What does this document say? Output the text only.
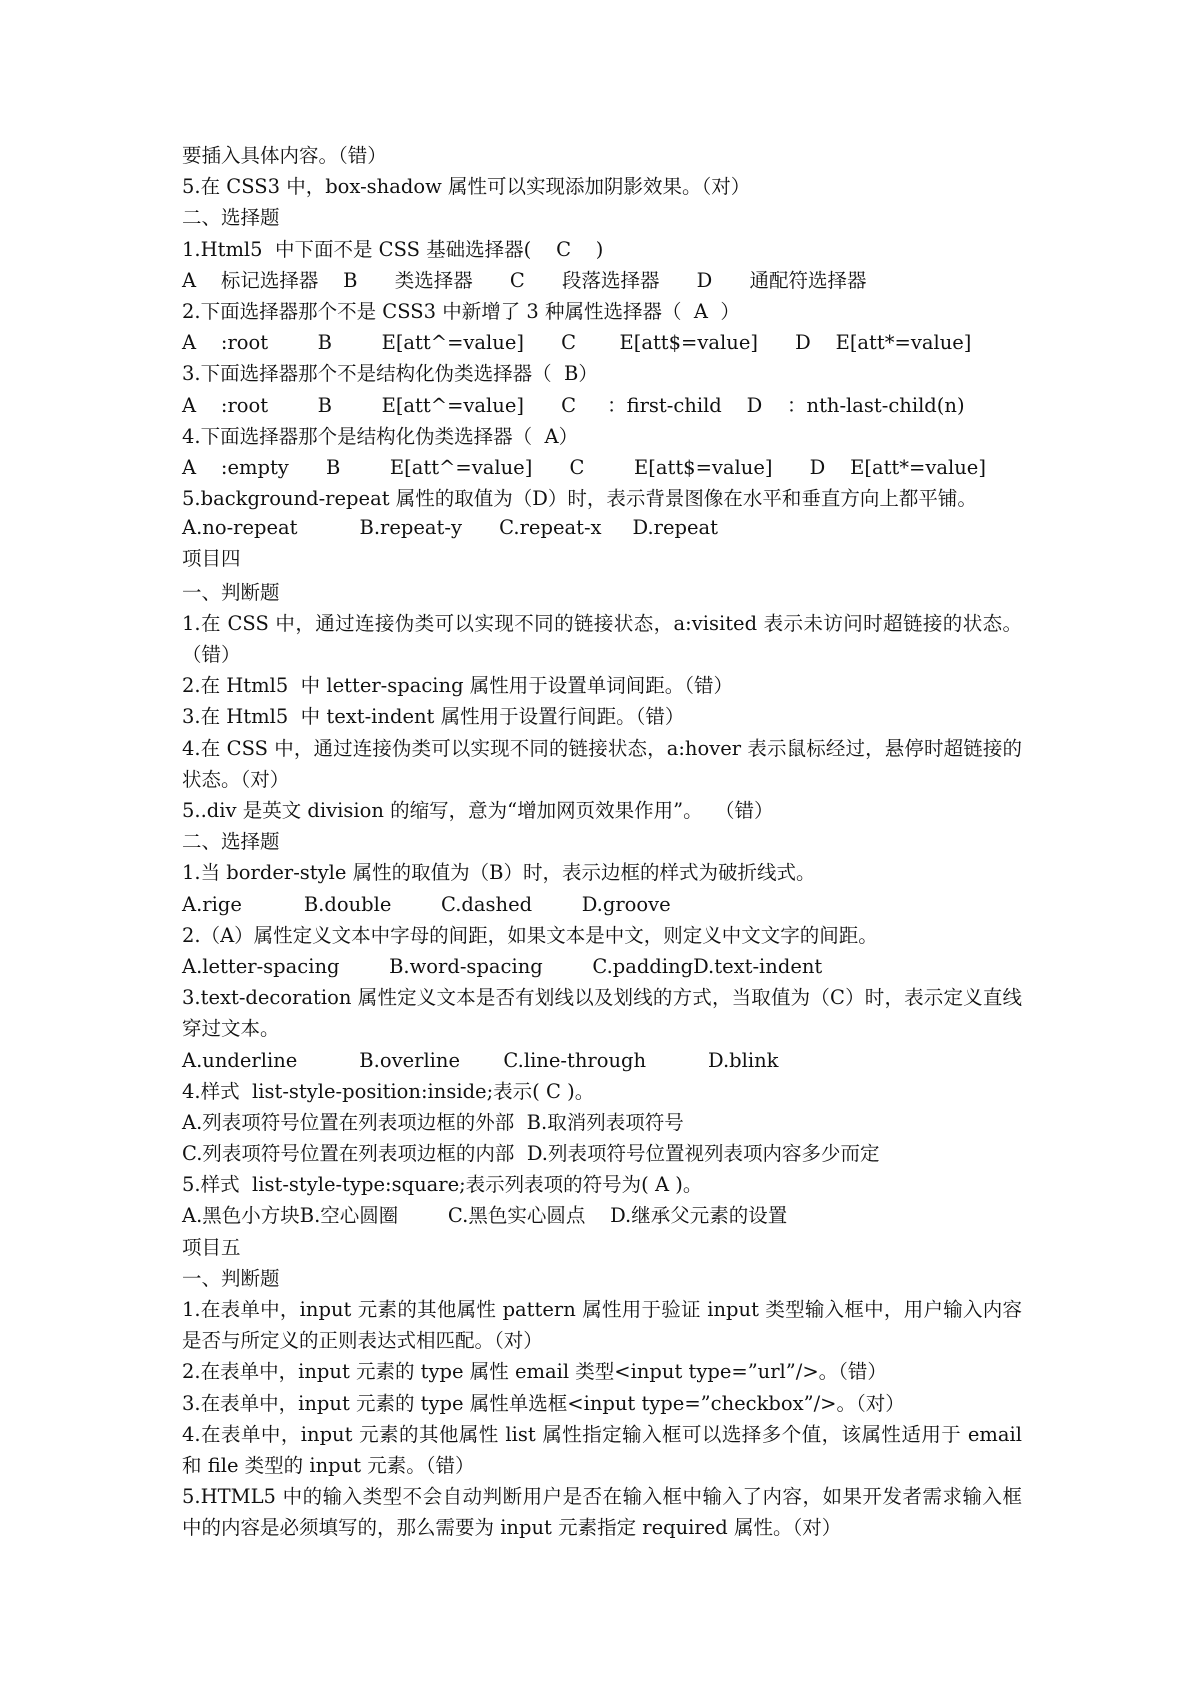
要插入具体内容。（错）
5.在 CSS3 中，box-shadow 属性可以实现添加阴影效果。（对）
二、选择题
1.Html5  中下面不是 CSS 基础选择器(    C    )
A    标记选择器    B      类选择器      C      段落选择器      D      通配符选择器
2.下面选择器那个不是 CSS3 中新增了 3 种属性选择器（  A  ）
A    :root        B        E[att^=value]      C       E[att$=value]      D    E[att*=value]
3.下面选择器那个不是结构化伪类选择器（  B）
A    :root        B        E[att^=value]      C     ：first-child    D    ：nth-last-child(n)
4.下面选择器那个是结构化伪类选择器（  A）
A    :empty      B        E[att^=value]      C        E[att$=value]      D    E[att*=value]
5.background-repeat 属性的取值为（D）时，表示背景图像在水平和垂直方向上都平铺。
A.no-repeat          B.repeat-y      C.repeat-x     D.repeat
项目四
一、判断题
1.在 CSS 中，通过连接伪类可以实现不同的链接状态，a:visited 表示未访问时超链接的状态。（错）
2.在 Html5  中 letter-spacing 属性用于设置单词间距。（错）
3.在 Html5  中 text-indent 属性用于设置行间距。（错）
4.在 CSS 中，通过连接伪类可以实现不同的链接状态，a:hover 表示鼠标经过，悬停时超链接的状态。（对）
5..div 是英文 division 的缩写，意为“增加网页效果作用”。  （错）
二、选择题
1.当 border-style 属性的取值为（B）时，表示边框的样式为破折线式。
A.rige          B.double        C.dashed        D.groove
2.（A）属性定义文本中字母的间距，如果文本是中文，则定义中文文字的间距。
A.letter-spacing        B.word-spacing        C.paddingD.text-indent
3.text-decoration 属性定义文本是否有划线以及划线的方式，当取值为（C）时，表示定义直线穿过文本。
A.underline          B.overline       C.line-through          D.blink
4.样式  list-style-position:inside;表示( C )。
A.列表项符号位置在列表项边框的外部  B.取消列表项符号
C.列表项符号位置在列表项边框的内部  D.列表项符号位置视列表项内容多少而定
5.样式  list-style-type:square;表示列表项的符号为( A )。
A.黑色小方块B.空心圆圈        C.黑色实心圆点    D.继承父元素的设置
项目五
一、判断题
1.在表单中，input 元素的其他属性 pattern 属性用于验证 input 类型输入框中，用户输入内容是否与所定义的正则表达式相匹配。（对）
2.在表单中，input 元素的 type 属性 email 类型<input type=”url”/>。（错）
3.在表单中，input 元素的 type 属性单选框<input type=”checkbox”/>。（对）
4.在表单中，input 元素的其他属性 list 属性指定输入框可以选择多个值，该属性适用于 email 和 file 类型的 input 元素。（错）
5.HTML5 中的输入类型不会自动判断用户是否在输入框中输入了内容，如果开发者需求输入框中的内容是必须填写的，那么需要为 input 元素指定 required 属性。（对）
